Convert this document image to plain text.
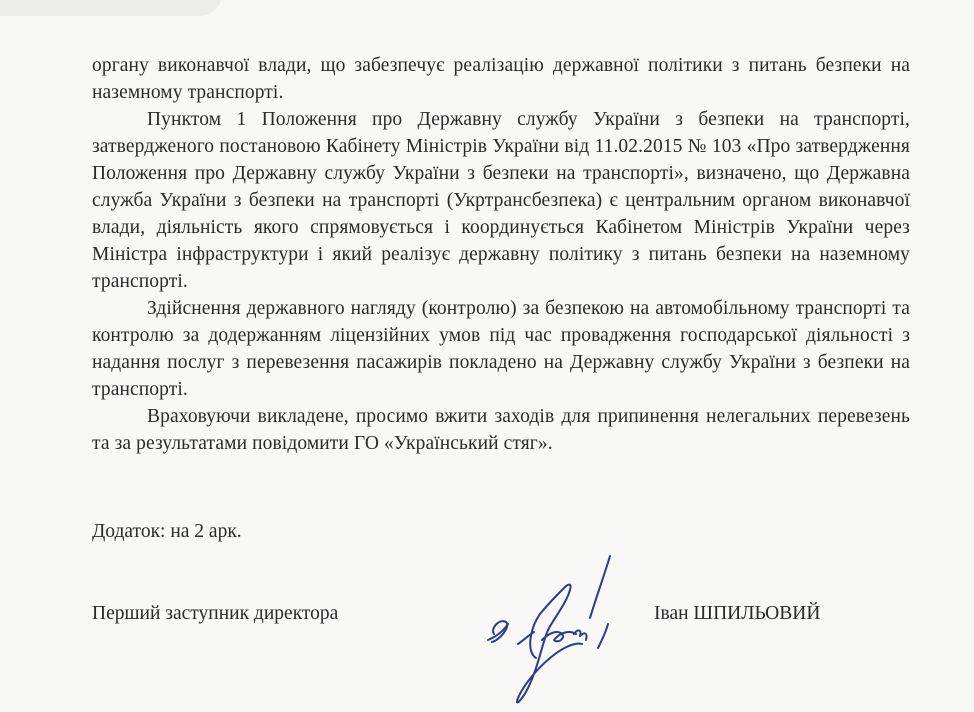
органу виконавчої влади, що забезпечує реалізацію державної політики з питань безпеки на наземному транспорті.

Пунктом 1 Положення про Державну службу України з безпеки на транспорті, затвердженого постановою Кабінету Міністрів України від 11.02.2015 № 103 «Про затвердження Положення про Державну службу України з безпеки на транспорті», визначено, що Державна служба України з безпеки на транспорті (Укртрансбезпека) є центральним органом виконавчої влади, діяльність якого спрямовується і координується Кабінетом Міністрів України через Міністра інфраструктури і який реалізує державну політику з питань безпеки на наземному транспорті.

Здійснення державного нагляду (контролю) за безпекою на автомобільному транспорті та контролю за додержанням ліцензійних умов під час провадження господарської діяльності з надання послуг з перевезення пасажирів покладено на Державну службу України з безпеки на транспорті.

Враховуючи викладене, просимо вжити заходів для припинення нелегальних перевезень та за результатами повідомити ГО «Український стяг».

Додаток: на 2 арк.
Перший заступник директора	Іван ШПИЛЬОВИЙ
